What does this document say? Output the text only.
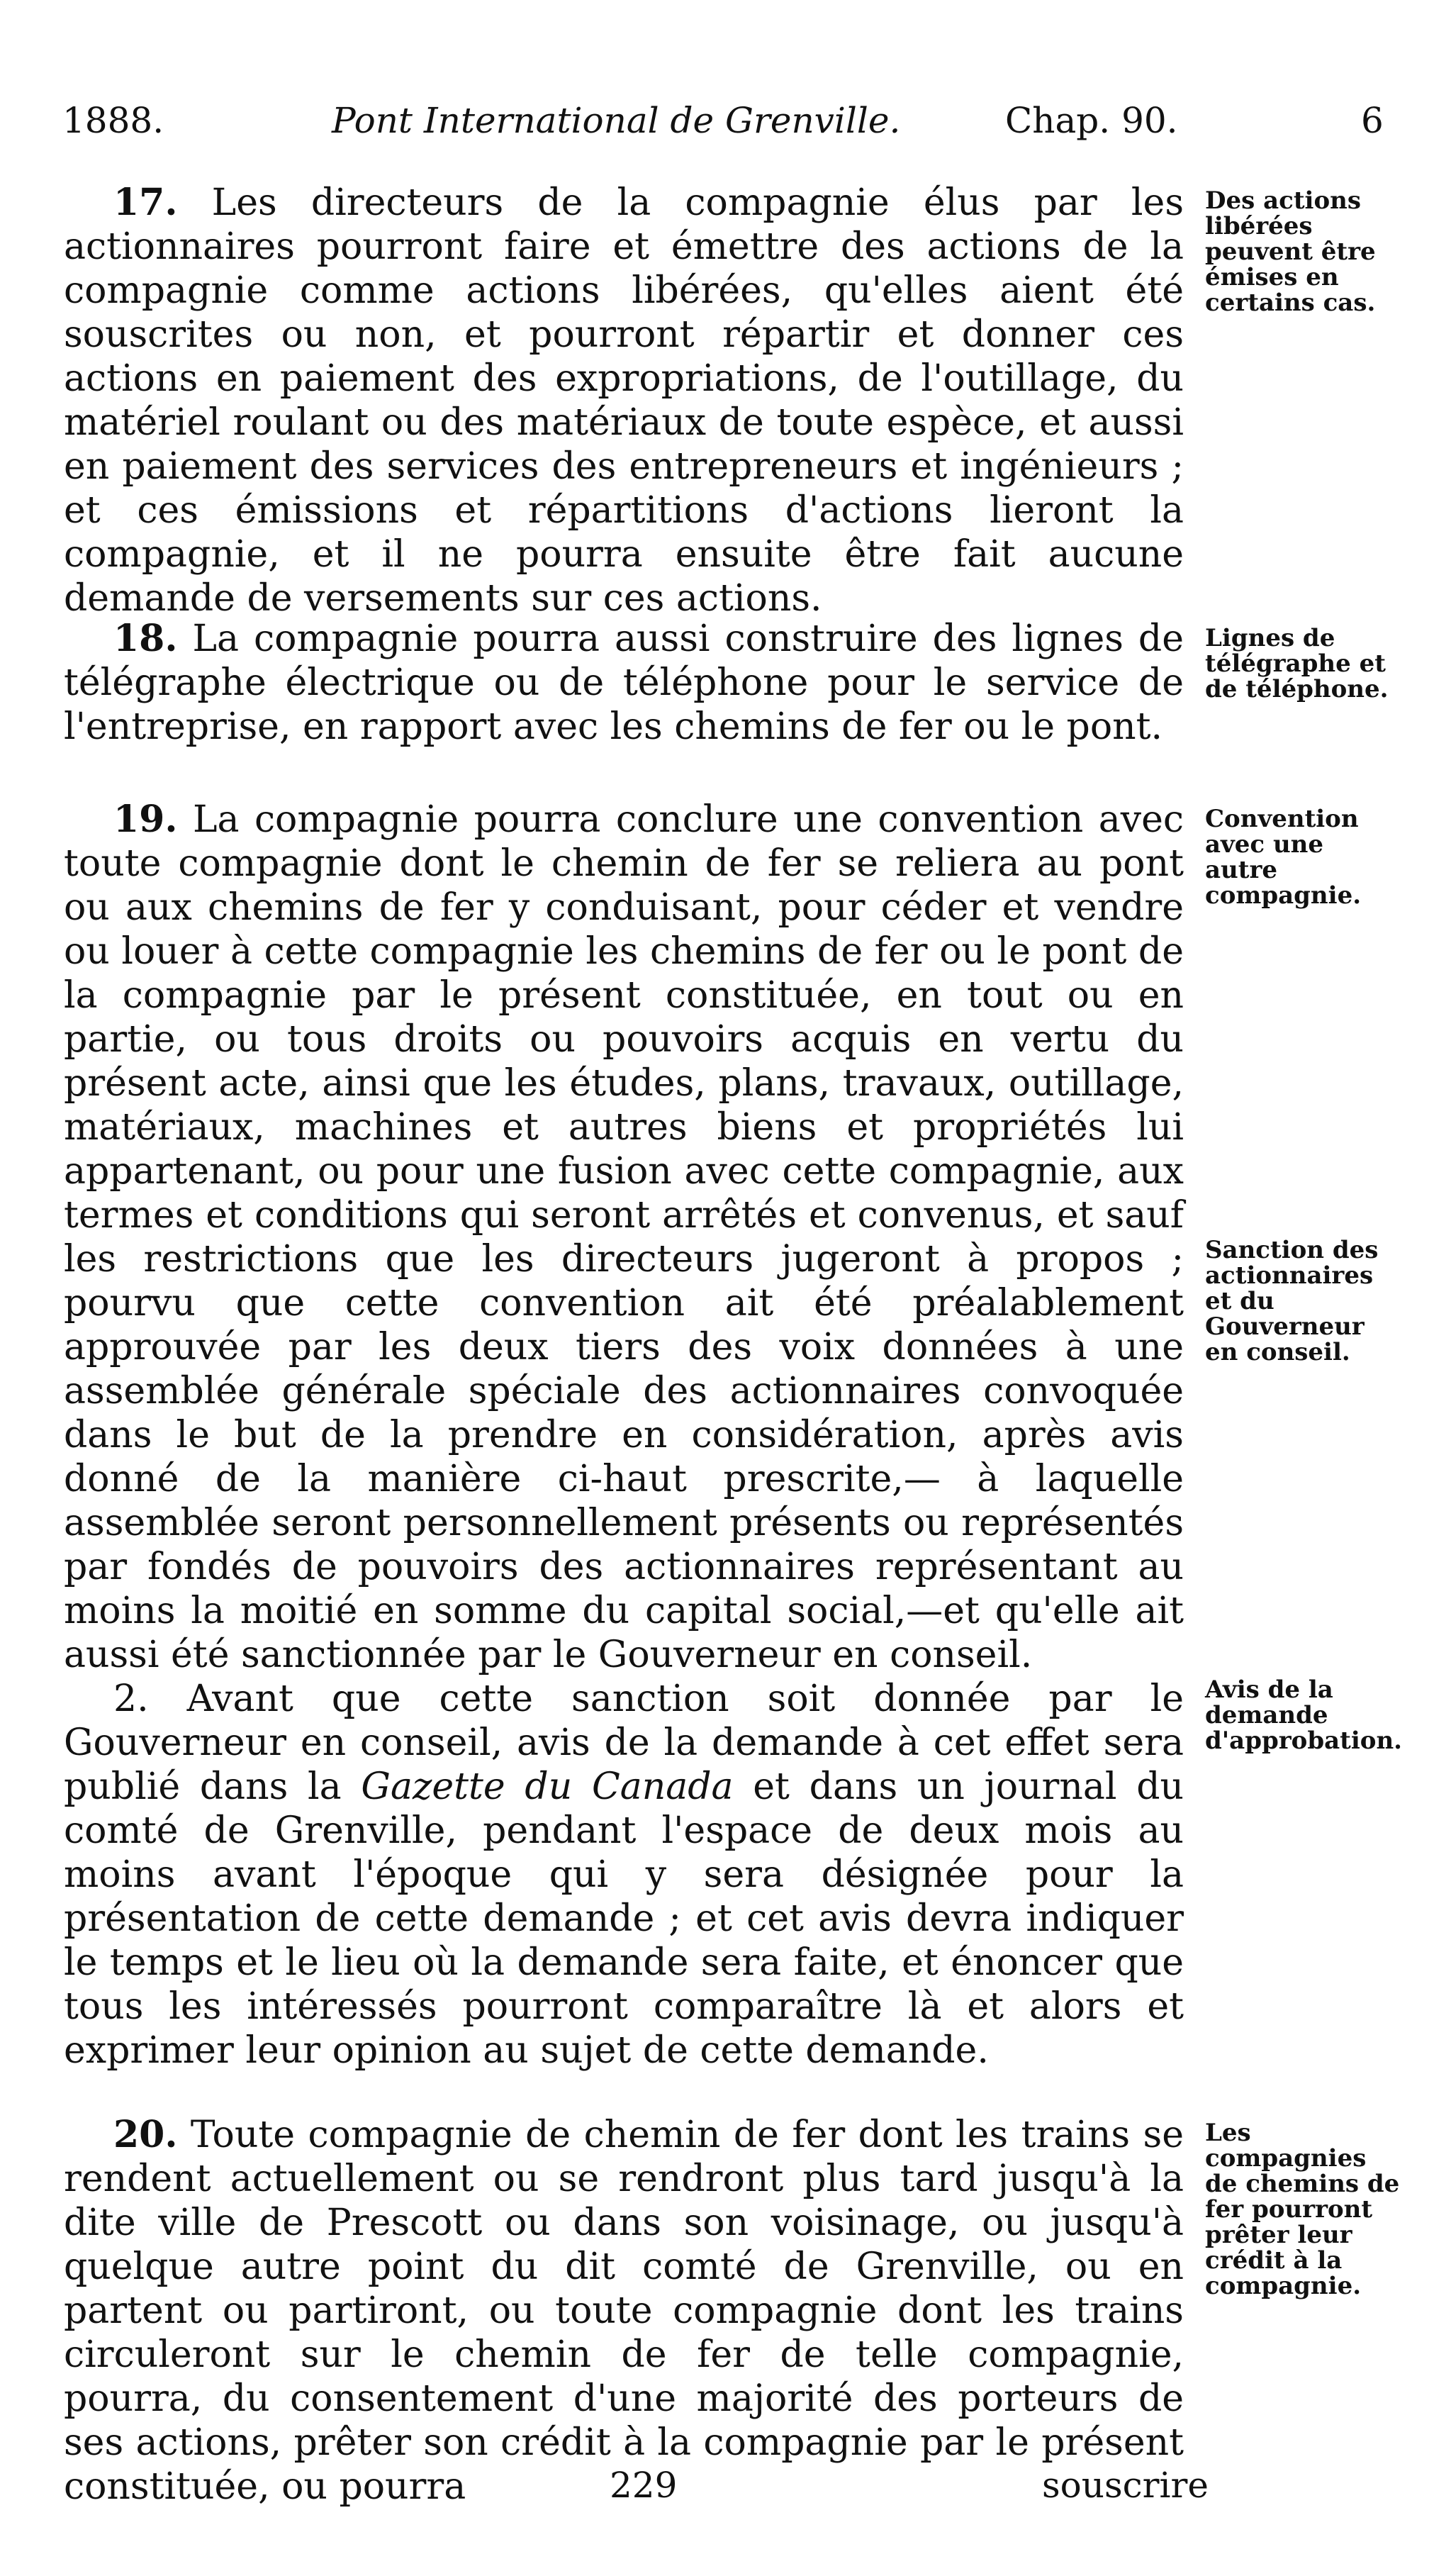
1888.	Pont International de Grenville.	Chap. 90.	6

17. Les directeurs de la compagnie élus par les actionnaires pourront faire et émettre des actions de la compagnie comme actions libérées, qu'elles aient été souscrites ou non, et pourront répartir et donner ces actions en paiement des expropriations, de l'outillage, du matériel roulant ou des matériaux de toute espèce, et aussi en paiement des services des entrepreneurs et ingénieurs ; et ces émissions et répartitions d'actions lieront la compagnie, et il ne pourra ensuite être fait aucune demande de versements sur ces actions.

Des actions libérées peuvent être émises en certains cas.

18. La compagnie pourra aussi construire des lignes de télégraphe électrique ou de téléphone pour le service de l'entreprise, en rapport avec les chemins de fer ou le pont.

Lignes de télégraphe et de téléphone.

19. La compagnie pourra conclure une convention avec toute compagnie dont le chemin de fer se reliera au pont ou aux chemins de fer y conduisant, pour céder et vendre ou louer à cette compagnie les chemins de fer ou le pont de la compagnie par le présent constituée, en tout ou en partie, ou tous droits ou pouvoirs acquis en vertu du présent acte, ainsi que les études, plans, travaux, outillage, matériaux, machines et autres biens et propriétés lui appartenant, ou pour une fusion avec cette compagnie, aux termes et conditions qui seront arrêtés et convenus, et sauf les restrictions que les directeurs jugeront à propos ; pourvu que cette convention ait été préalablement approuvée par les deux tiers des voix données à une assemblée générale spéciale des actionnaires convoquée dans le but de la prendre en considération, après avis donné de la manière ci-haut prescrite,— à laquelle assemblée seront personnellement présents ou représentés par fondés de pouvoirs des actionnaires représentant au moins la moitié en somme du capital social,—et qu'elle ait aussi été sanctionnée par le Gouverneur en conseil.

2. Avant que cette sanction soit donnée par le Gouverneur en conseil, avis de la demande à cet effet sera publié dans la Gazette du Canada et dans un journal du comté de Grenville, pendant l'espace de deux mois au moins avant l'époque qui y sera désignée pour la présentation de cette demande ; et cet avis devra indiquer le temps et le lieu où la demande sera faite, et énoncer que tous les intéressés pourront comparaître là et alors et exprimer leur opinion au sujet de cette demande.

Convention avec une autre compagnie.
Sanction des actionnaires et du Gouverneur en conseil.
Avis de la demande d'approbation.

20. Toute compagnie de chemin de fer dont les trains se rendent actuellement ou se rendront plus tard jusqu'à la dite ville de Prescott ou dans son voisinage, ou jusqu'à quelque autre point du dit comté de Grenville, ou en partent ou partiront, ou toute compagnie dont les trains circuleront sur le chemin de fer de telle compagnie, pourra, du consentement d'une majorité des porteurs de ses actions, prêter son crédit à la compagnie par le présent constituée, ou pourra

Les compagnies de chemins de fer pourront prêter leur crédit à la compagnie.
229	souscrire
